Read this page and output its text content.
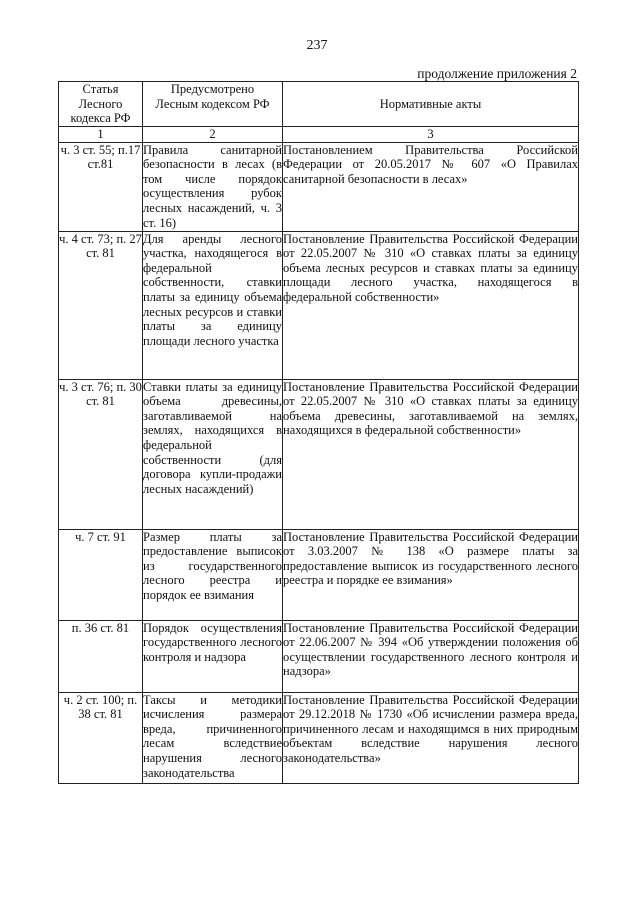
237
продолжение приложения 2
Статья Лесного кодекса РФ	Предусмотрено Лесным кодексом РФ	Нормативные акты
1	2	3
ч. 3 ст. 55; п.17 ст.81	Правила санитарной безопасности в лесах (в том числе порядок осуществления рубок лесных насаждений, ч. 3 ст. 16)	Постановлением Правительства Российской Федерации от 20.05.2017 № 607 «О Правилах санитарной безопасности в лесах»
ч. 4 ст. 73; п. 27 ст. 81	Для аренды лесного участка, находящегося в федеральной собственности, ставки платы за единицу объема лесных ресурсов и ставки платы за единицу площади лесного участка	Постановление Правительства Российской Федерации от 22.05.2007 № 310 «О ставках платы за единицу объема лесных ресурсов и ставках платы за единицу площади лесного участка, находящегося в федеральной собственности»
ч. 3 ст. 76; п. 30 ст. 81	Ставки платы за единицу объема древесины, заготавливаемой на землях, находящихся в федеральной собственности (для договора купли-продажи лесных насаждений)	Постановление Правительства Российской Федерации от 22.05.2007 № 310 «О ставках платы за единицу объема древесины, заготавливаемой на землях, находящихся в федеральной собственности»
ч. 7 ст. 91	Размер платы за предоставление выписок из государственного лесного реестра и порядок ее взимания	Постановление Правительства Российской Федерации от 3.03.2007 № 138 «О размере платы за предоставление выписок из государственного лесного реестра и порядке ее взимания»
п. 36 ст. 81	Порядок осуществления государственного лесного контроля и надзора	Постановление Правительства Российской Федерации от 22.06.2007 № 394 «Об утверждении положения об осуществлении государственного лесного контроля и надзора»
ч. 2 ст. 100; п. 38 ст. 81	Таксы и методики исчисления размера вреда, причиненного лесам вследствие нарушения лесного законодательства	Постановление Правительства Российской Федерации от 29.12.2018 № 1730 «Об исчислении размера вреда, причиненного лесам и находящимся в них природным объектам вследствие нарушения лесного законодательства»
